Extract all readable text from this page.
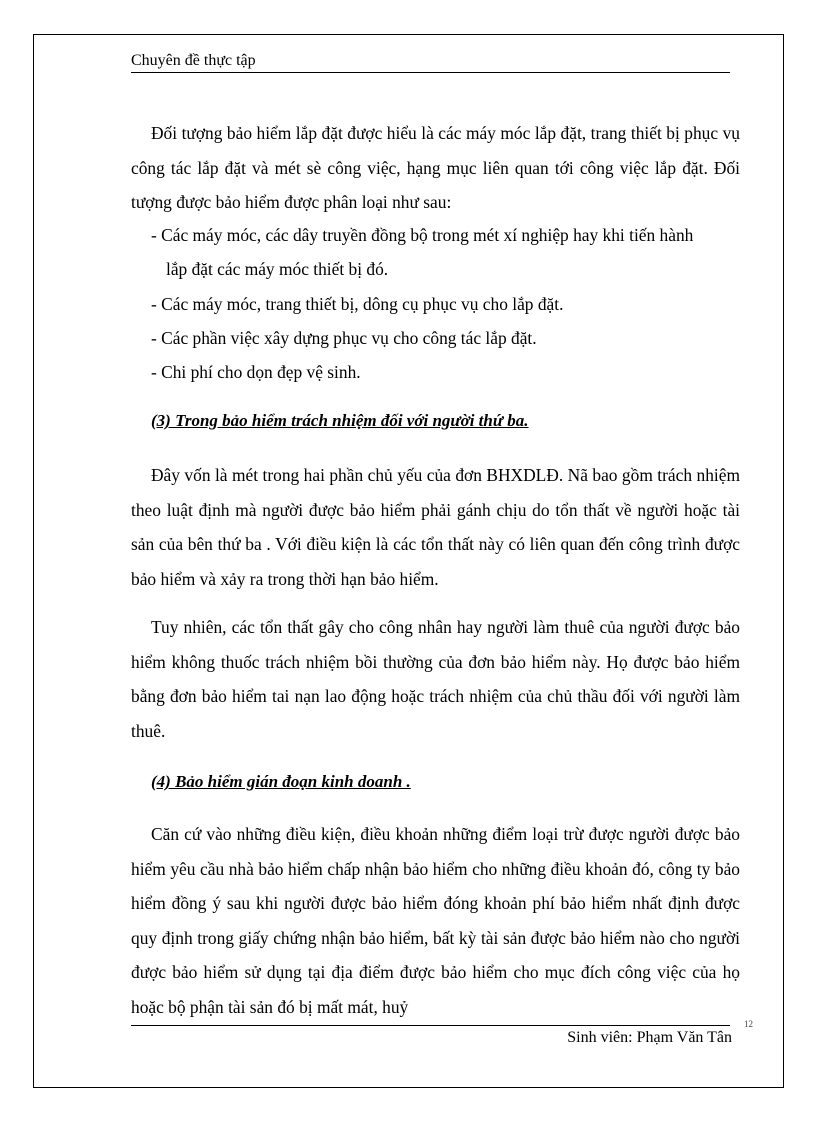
Chuyên đề thực tập

Đối tượng bảo hiểm lắp đặt được hiểu là các máy móc lắp đặt, trang thiết bị phục vụ công tác lắp đặt và mét sè công việc, hạng mục liên quan tới công việc lắp đặt. Đối tượng được bảo hiểm được phân loại như sau:

- Các máy móc, các dây truyền đồng bộ trong mét xí nghiệp hay khi tiến hành
lắp đặt các máy móc thiết bị đó.
- Các máy móc, trang thiết bị, dông cụ phục vụ cho lắp đặt.
- Các phần việc xây dựng phục vụ cho công tác lắp đặt.
- Chi phí cho dọn đẹp vệ sinh.

(3) Trong bảo hiểm trách nhiệm đối với người thứ ba.

Đây vốn là mét trong hai phần chủ yếu của đơn BHXDLĐ. Nã bao gồm trách nhiệm theo luật định mà người được bảo hiểm phải gánh chịu do tổn thất về người hoặc tài sản của bên thứ ba . Với điều kiện là các tổn thất này có liên quan đến công trình được bảo hiểm và xảy ra trong thời hạn bảo hiểm.

Tuy nhiên, các tổn thất gây cho công nhân hay người làm thuê của người được bảo hiểm không thuốc trách nhiệm bồi thường của đơn bảo hiểm này. Họ được bảo hiểm bằng đơn bảo hiểm tai nạn lao động hoặc trách nhiệm của chủ thầu đối với người làm thuê.

(4) Bảo hiểm gián đoạn kinh doanh .

Căn cứ vào những điều kiện, điều khoản những điểm loại trừ được người được bảo hiểm yêu cầu nhà bảo hiểm chấp nhận bảo hiểm cho những điều khoản đó, công ty bảo hiểm đồng ý sau khi người được bảo hiểm đóng khoản phí bảo hiểm nhất định được quy định trong giấy chứng nhận bảo hiểm, bất kỳ tài sản được bảo hiểm nào cho người được bảo hiểm sử dụng tại địa điểm được bảo hiểm cho mục đích công việc của họ hoặc bộ phận tài sản đó bị mất mát, huỷ

12
Sinh viên: Phạm Văn Tân
